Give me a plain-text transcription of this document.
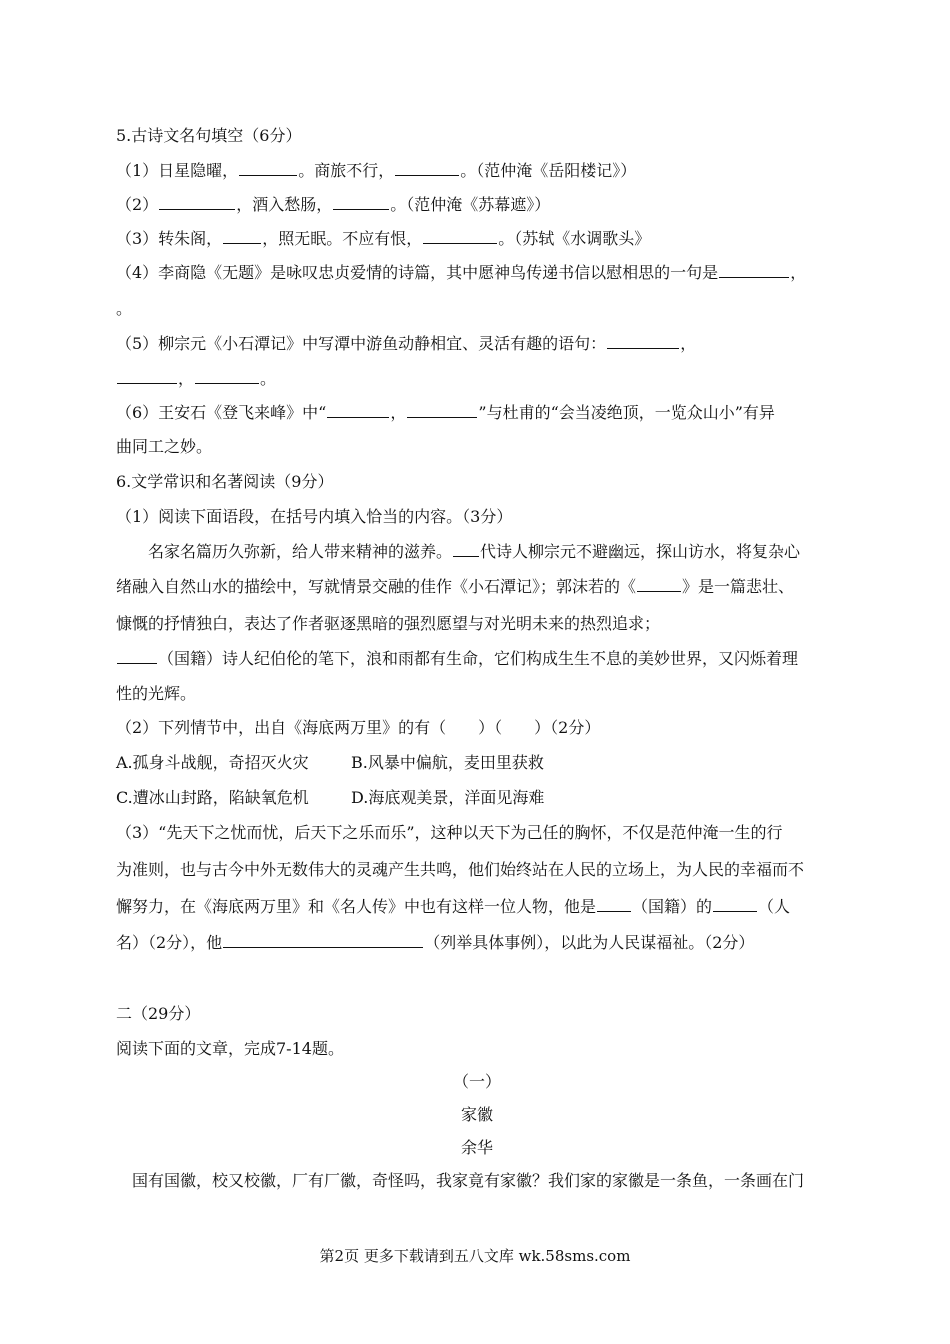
5.古诗文名句填空（6分）
（1）日星隐曜，	。商旅不行，	。（范仲淹《岳阳楼记》）
（2）	，酒入愁肠，	。（范仲淹《苏幕遮》）
（3）转朱阁，	，照无眠。不应有恨，	。（苏轼《水调歌头》
（4）李商隐《无题》是咏叹忠贞爱情的诗篇，其中愿神鸟传递书信以慰相思的一句是	，
。
（5）柳宗元《小石潭记》中写潭中游鱼动静相宜、灵活有趣的语句：	，
，	。
（6）王安石《登飞来峰》中“	，	”与杜甫的“会当凌绝顶，一览众山小”有异
曲同工之妙。
6.文学常识和名著阅读（9分）
（1）阅读下面语段，在括号内填入恰当的内容。（3分）
名家名篇历久弥新，给人带来精神的滋养。 代诗人柳宗元不避幽远，探山访水，将复杂心
绪融入自然山水的描绘中，写就情景交融的佳作《小石潭记》；郭沫若的《	》是一篇悲壮、
慷慨的抒情独白，表达了作者驱逐黑暗的强烈愿望与对光明未来的热烈追求；
（国籍）诗人纪伯伦的笔下，浪和雨都有生命，它们构成生生不息的美妙世界，又闪烁着理
性的光辉。
（2）下列情节中，出自《海底两万里》的有（　　）（　　）（2分）
A.孤身斗战舰，奇招灭火灾	B.风暴中偏航，麦田里获救
C.遭冰山封路，陷缺氧危机	D.海底观美景，洋面见海难
（3）“先天下之忧而忧，后天下之乐而乐”，这种以天下为己任的胸怀，不仅是范仲淹一生的行
为准则，也与古今中外无数伟大的灵魂产生共鸣，他们始终站在人民的立场上，为人民的幸福而不
懈努力，在《海底两万里》和《名人传》中也有这样一位人物，他是 （国籍）的	（人
名）（2分），他	（列举具体事例），以此为人民谋福祉。（2分）
二（29分）
阅读下面的文章，完成7-14题。
（一）
家徽
余华
国有国徽，校又校徽，厂有厂徽，奇怪吗，我家竟有家徽？我们家的家徽是一条鱼，一条画在门
第2页 更多下载请到五八文库 wk.58sms.com
